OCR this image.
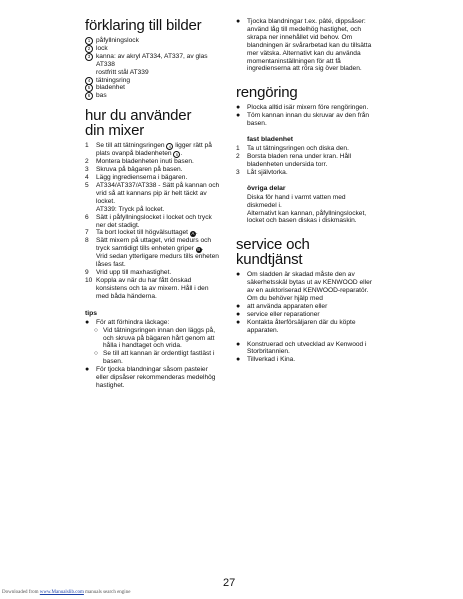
förklaring till bilder
1 påfyllningslock
2 lock
3 kanna: av akryl AT334, AT337, av glas AT338
rostfritt stål AT339
4 tätningsring
5 bladenhet
6 bas
hur du använder din mixer
1	Se till att tätningsringen 4 ligger rätt på plats ovanpå bladenheten 5 .
2	Montera bladenheten inuti basen.
3	Skruva på bägaren på basen.
4	Lägg ingredienserna i bägaren.
5	AT334/AT337/AT338 - Sätt på kannan och vrid så att kannans pip är helt täckt av locket.
AT339: Tryck på locket.
6	Sätt i påfyllningslocket i locket och tryck ner det stadigt.
7	Ta bort locket till högvälsuttaget A .
8	Sätt mixern på uttaget, vrid medurs och tryck samtidigt tills enheten griper B .
Vrid sedan ytterligare medurs tills enheten låses fast.
9	Vrid upp till maxhastighet.
10 Koppla av när du har fått önskad konsistens och ta av mixern. Håll i den med båda händerna.
tips
● För att förhindra läckage:
○ Vid tätningsringen innan den läggs på, och skruva på bägaren hårt genom att hålla i handtaget och vrida.
○ Se till att kannan är ordentligt fastläst i basen.
● För tjocka blandningar såsom pasteier eller dipsåser rekommenderas medelhög hastighet.
● Tjocka blandningar t.ex. pâté, dippsåser: använd låg till medelhög hastighet, och skrapa ner innehållet vid behov. Om blandningen är svårarbetad kan du tillsätta mer vätska. Alternativt kan du använda momentaninställningen för att få ingredienserna att röra sig över bladen.
rengöring
● Plocka alltid isär mixern före rengöringen.
● Töm kannan innan du skruvar av den från basen.
fast bladenhet
1	Ta ut tätningsringen och diska den.
2	Borsta bladen rena under kran. Håll bladenheten undersida torr.
3	Låt självtorka.
övriga delar
Diska för hand i varmt vatten med diskmedel i.
Alternativt kan kannan, påfyllningslocket, locket och basen diskas i diskmaskin.
service och kundtjänst
● Om sladden är skadad måste den av säkerhetsskäl bytas ut av KENWOOD eller av en auktoriserad KENWOOD-reparatör.
Om du behöver hjälp med
● att använda apparaten eller
● service eller reparationer
● Kontakta återförsäljaren där du köpte apparaten.
● Konstruerad och utvecklad av Kenwood i Storbritannien.
● Tillverkad i Kina.
27
Downloaded from www.Manualslib.com manuals search engine
